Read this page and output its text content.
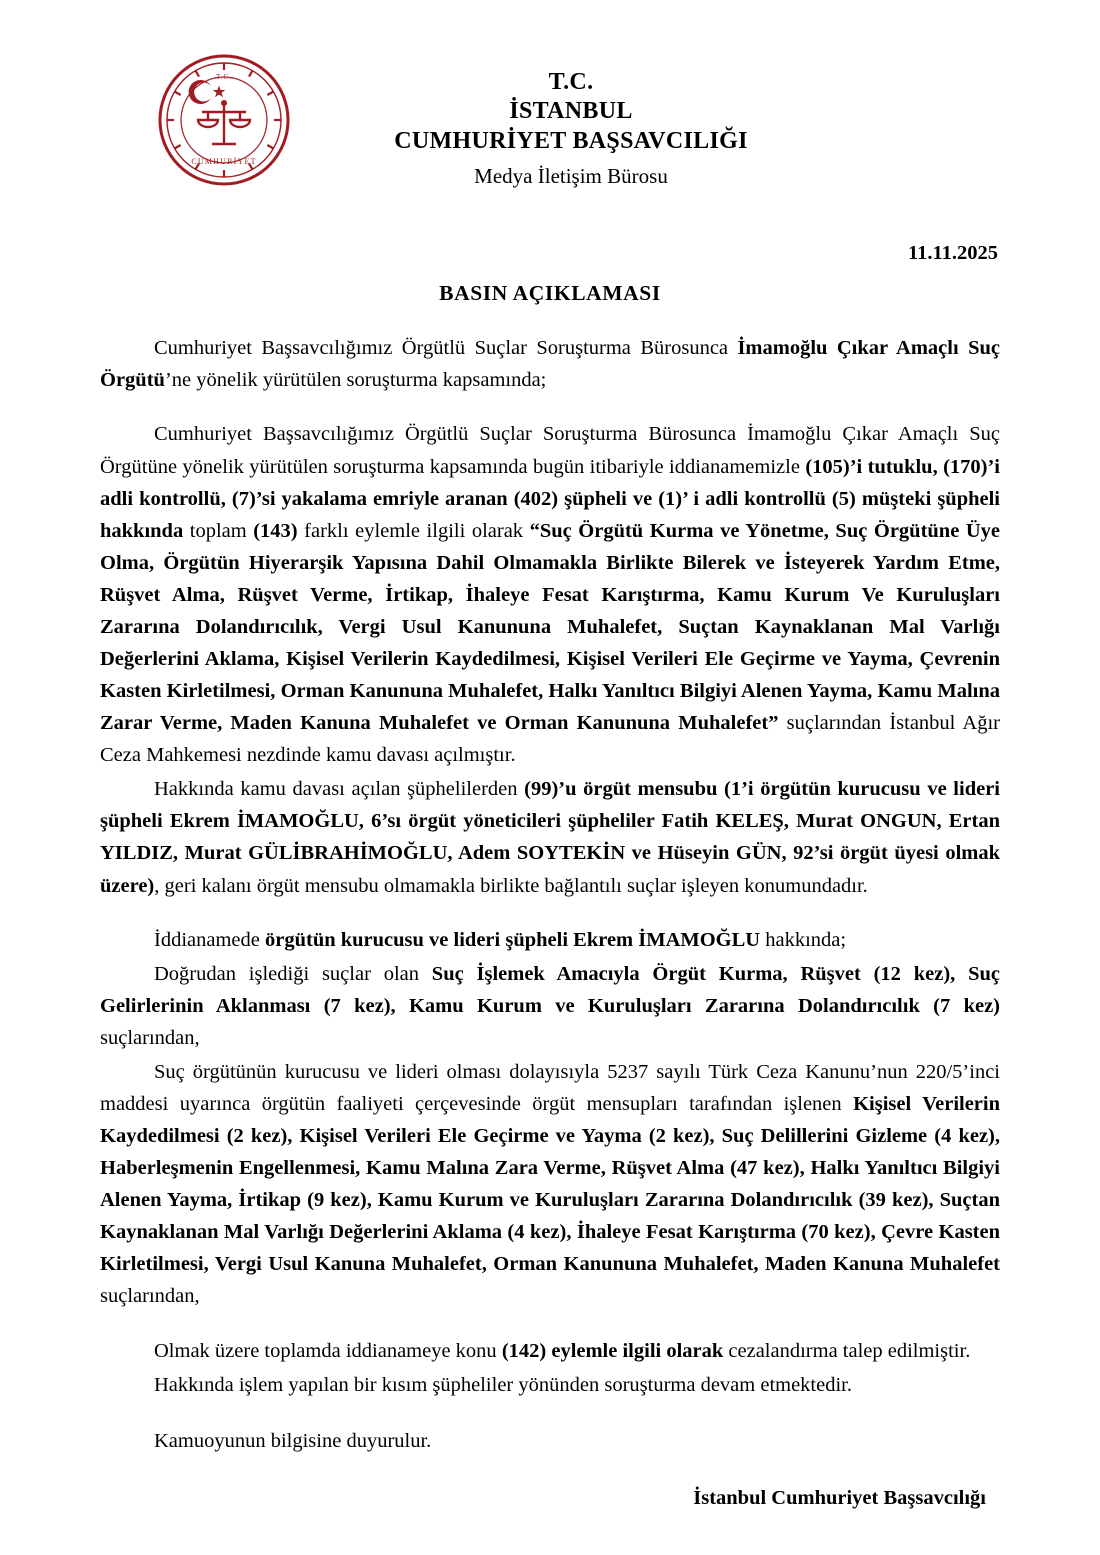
CUMHURİYET
T.C.	T.C.
İSTANBUL
CUMHURİYET BAŞSAVCILIĞI
Medya İletişim Bürosu
11.11.2025
BASIN AÇIKLAMASI

Cumhuriyet Başsavcılığımız Örgütlü Suçlar Soruşturma Bürosunca İmamoğlu Çıkar Amaçlı Suç Örgütü’ne yönelik yürütülen soruşturma kapsamında;

Cumhuriyet Başsavcılığımız Örgütlü Suçlar Soruşturma Bürosunca İmamoğlu Çıkar Amaçlı Suç Örgütüne yönelik yürütülen soruşturma kapsamında bugün itibariyle iddianamemizle (105)’i tutuklu, (170)’i adli kontrollü, (7)’si yakalama emriyle aranan (402) şüpheli ve (1)’ i adli kontrollü (5) müşteki şüpheli hakkında toplam (143) farklı eylemle ilgili olarak “Suç Örgütü Kurma ve Yönetme, Suç Örgütüne Üye Olma, Örgütün Hiyerarşik Yapısına Dahil Olmamakla Birlikte Bilerek ve İsteyerek Yardım Etme, Rüşvet Alma, Rüşvet Verme, İrtikap, İhaleye Fesat Karıştırma, Kamu Kurum Ve Kuruluşları Zararına Dolandırıcılık, Vergi Usul Kanununa Muhalefet, Suçtan Kaynaklanan Mal Varlığı Değerlerini Aklama, Kişisel Verilerin Kaydedilmesi, Kişisel Verileri Ele Geçirme ve Yayma, Çevrenin Kasten Kirletilmesi, Orman Kanununa Muhalefet, Halkı Yanıltıcı Bilgiyi Alenen Yayma, Kamu Malına Zarar Verme, Maden Kanuna Muhalefet ve Orman Kanununa Muhalefet” suçlarından İstanbul Ağır Ceza Mahkemesi nezdinde kamu davası açılmıştır.

Hakkında kamu davası açılan şüphelilerden (99)’u örgüt mensubu (1’i örgütün kurucusu ve lideri şüpheli Ekrem İMAMOĞLU, 6’sı örgüt yöneticileri şüpheliler Fatih KELEŞ, Murat ONGUN, Ertan YILDIZ, Murat GÜLİBRAHİMOĞLU, Adem SOYTEKİN ve Hüseyin GÜN, 92’si örgüt üyesi olmak üzere), geri kalanı örgüt mensubu olmamakla birlikte bağlantılı suçlar işleyen konumundadır.

İddianamede örgütün kurucusu ve lideri şüpheli Ekrem İMAMOĞLU hakkında;

Doğrudan işlediği suçlar olan Suç İşlemek Amacıyla Örgüt Kurma, Rüşvet (12 kez), Suç Gelirlerinin Aklanması (7 kez), Kamu Kurum ve Kuruluşları Zararına Dolandırıcılık (7 kez) suçlarından,

Suç örgütünün kurucusu ve lideri olması dolayısıyla 5237 sayılı Türk Ceza Kanunu’nun 220/5’inci maddesi uyarınca örgütün faaliyeti çerçevesinde örgüt mensupları tarafından işlenen Kişisel Verilerin Kaydedilmesi (2 kez), Kişisel Verileri Ele Geçirme ve Yayma (2 kez), Suç Delillerini Gizleme (4 kez), Haberleşmenin Engellenmesi, Kamu Malına Zara Verme, Rüşvet Alma (47 kez), Halkı Yanıltıcı Bilgiyi Alenen Yayma, İrtikap (9 kez), Kamu Kurum ve Kuruluşları Zararına Dolandırıcılık (39 kez), Suçtan Kaynaklanan Mal Varlığı Değerlerini Aklama (4 kez), İhaleye Fesat Karıştırma (70 kez), Çevre Kasten Kirletilmesi, Vergi Usul Kanuna Muhalefet, Orman Kanununa Muhalefet, Maden Kanuna Muhalefet suçlarından,

Olmak üzere toplamda iddianameye konu (142) eylemle ilgili olarak cezalandırma talep edilmiştir.

Hakkında işlem yapılan bir kısım şüpheliler yönünden soruşturma devam etmektedir.

Kamuoyunun bilgisine duyurulur.
İstanbul Cumhuriyet Başsavcılığı
